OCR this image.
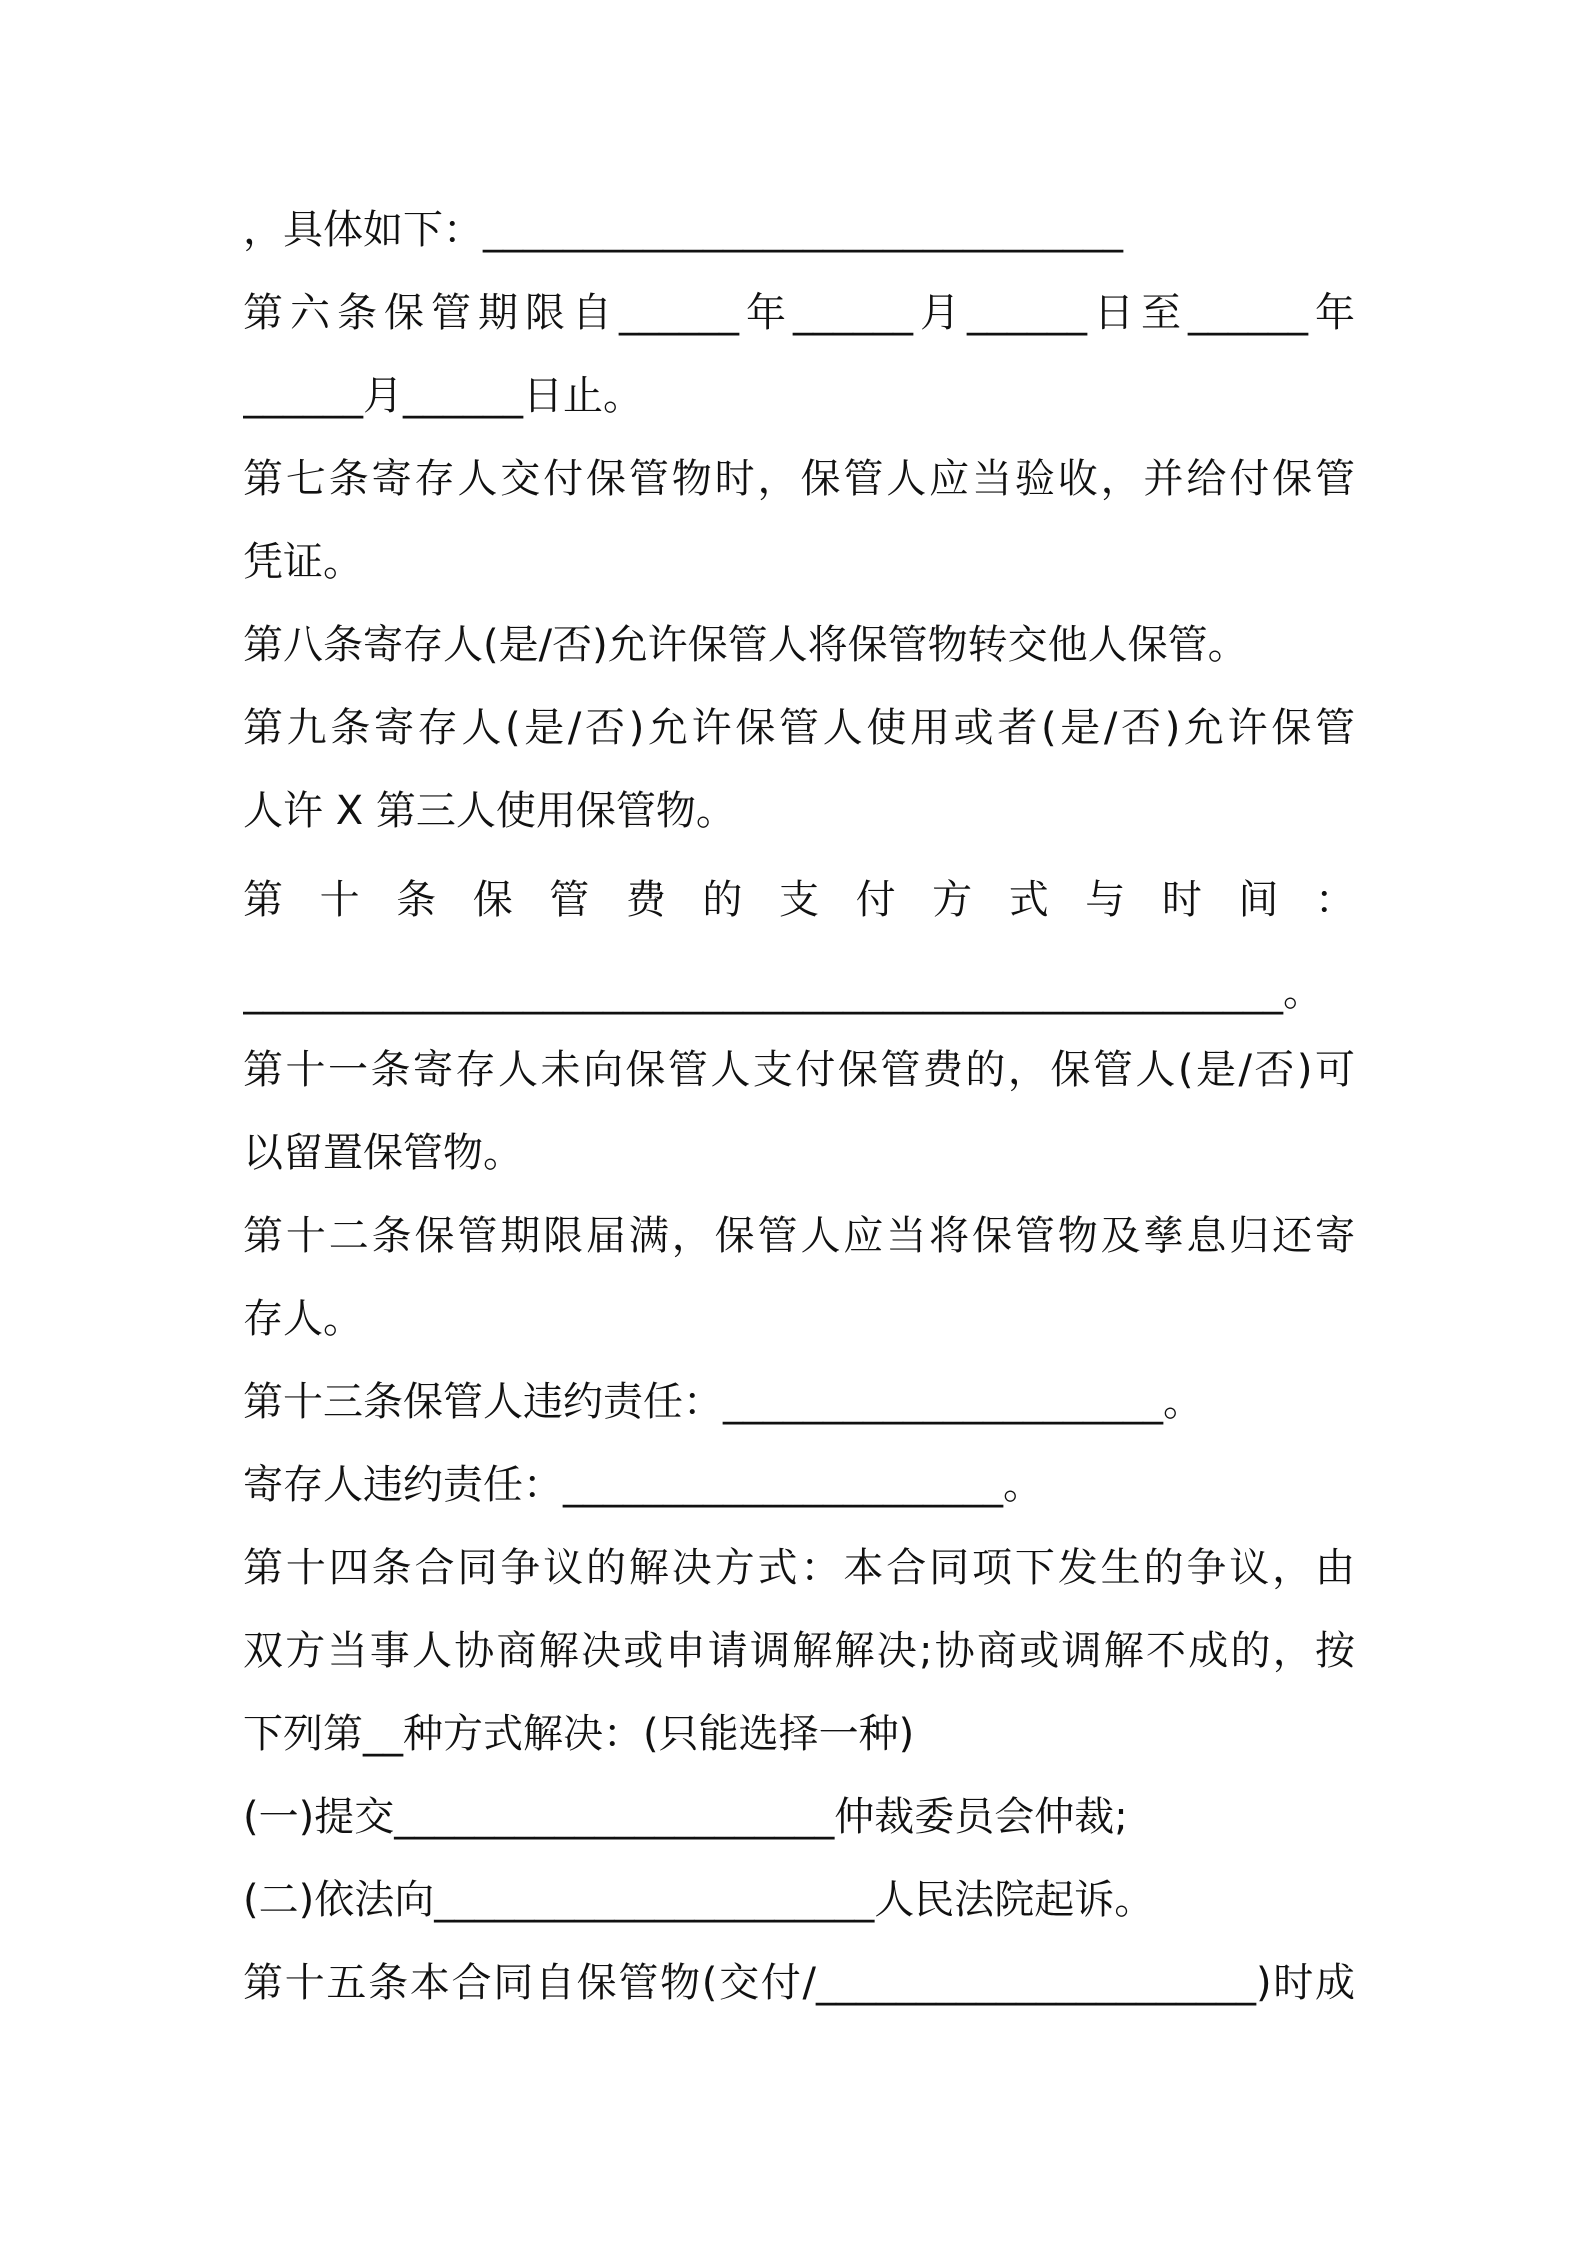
，具体如下：________________________________
第六条保管期限自______年______月______日至______年
______月______日止。
第七条寄存人交付保管物时，保管人应当验收，并给付保管
凭证。
第八条寄存人(是/否)允许保管人将保管物转交他人保管。
第九条寄存人(是/否)允许保管人使用或者(是/否)允许保管
人许 X 第三人使用保管物。
第 十 条 保 管 费 的 支 付 方 式 与 时 间 ：
____________________________________________________。
第十一条寄存人未向保管人支付保管费的，保管人(是/否)可
以留置保管物。
第十二条保管期限届满，保管人应当将保管物及孳息归还寄
存人。
第十三条保管人违约责任：______________________。
寄存人违约责任：______________________。
第十四条合同争议的解决方式：本合同项下发生的争议，由
双方当事人协商解决或申请调解解决;协商或调解不成的，按
下列第__种方式解决：(只能选择一种)
(一)提交______________________仲裁委员会仲裁;
(二)依法向______________________人民法院起诉。
第十五条本合同自保管物(交付/______________________)时成
